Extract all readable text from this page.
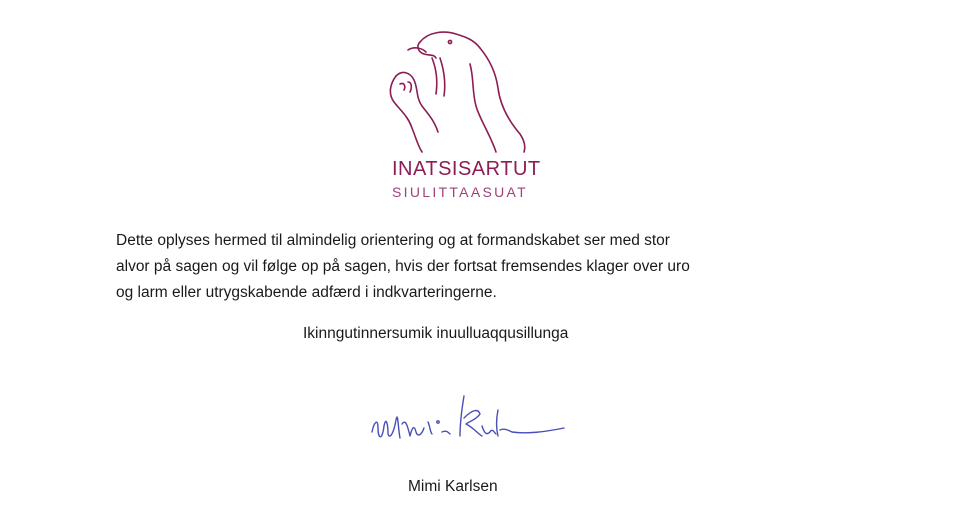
INATSISARTUT
SIULITTAASUAT

Dette oplyses hermed til almindelig orientering og at formandskabet ser med stor
alvor på sagen og vil følge op på sagen, hvis der fortsat fremsendes klager over uro
og larm eller utrygskabende adfærd i indkvarteringerne.

Ikinngutinnersumik inuulluaqqusillunga
Mimi Karlsen
